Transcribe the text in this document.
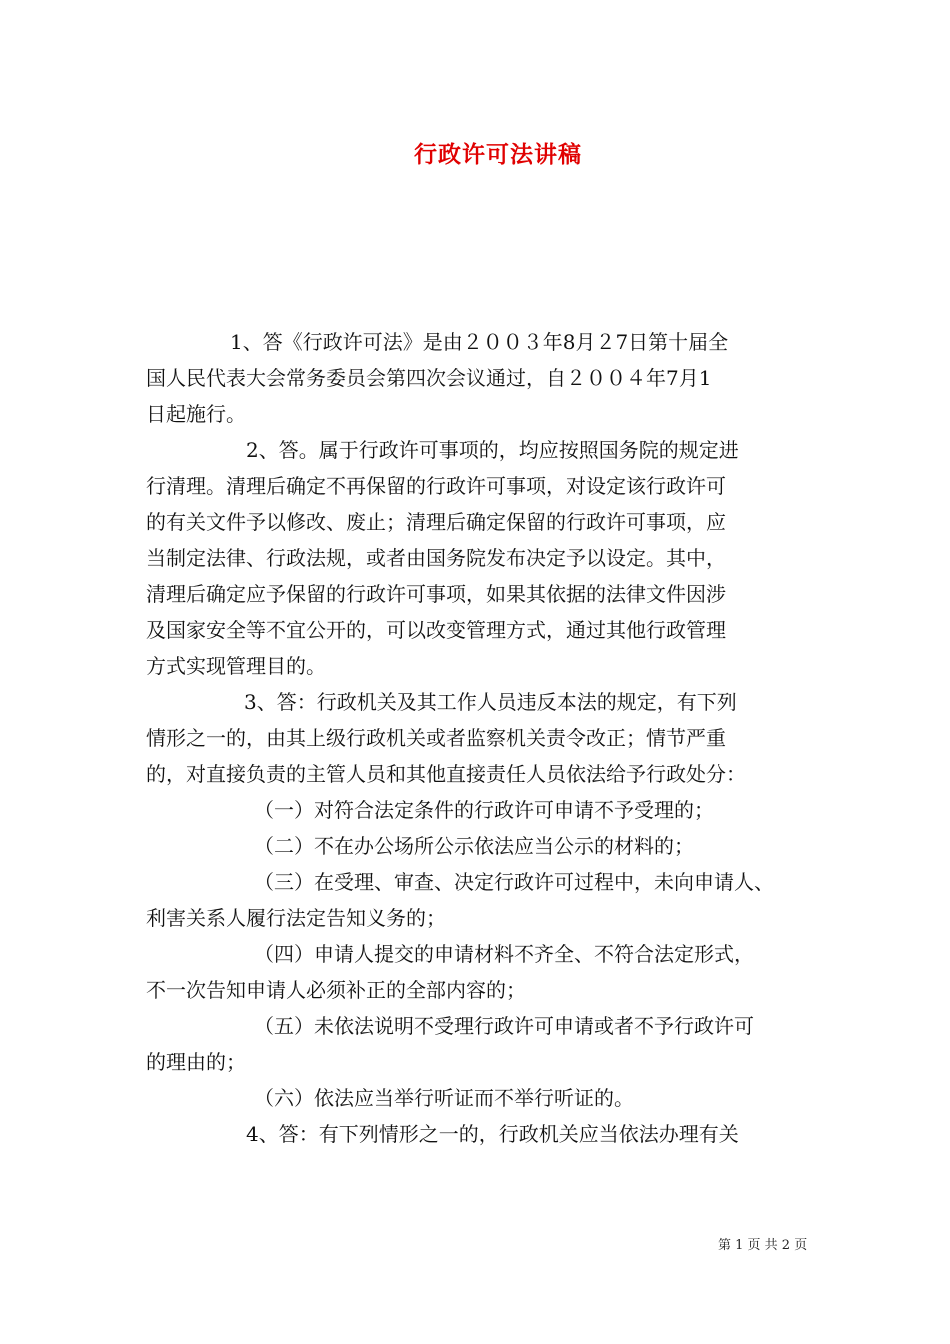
行政许可法讲稿
1、答《行政许可法》是由２００３年8月２7日第十届全
国人民代表大会常务委员会第四次会议通过，自２００４年7月1
日起施行。
2、答。属于行政许可事项的，均应按照国务院的规定进
行清理。清理后确定不再保留的行政许可事项，对设定该行政许可
的有关文件予以修改、废止；清理后确定保留的行政许可事项，应
当制定法律、行政法规，或者由国务院发布决定予以设定。其中，
清理后确定应予保留的行政许可事项，如果其依据的法律文件因涉
及国家安全等不宜公开的，可以改变管理方式，通过其他行政管理
方式实现管理目的。
3、答：行政机关及其工作人员违反本法的规定，有下列
情形之一的，由其上级行政机关或者监察机关责令改正；情节严重
的，对直接负责的主管人员和其他直接责任人员依法给予行政处分：
（一）对符合法定条件的行政许可申请不予受理的；
（二）不在办公场所公示依法应当公示的材料的；
（三）在受理、审查、决定行政许可过程中，未向申请人、
利害关系人履行法定告知义务的；
（四）申请人提交的申请材料不齐全、不符合法定形式，
不一次告知申请人必须补正的全部内容的；
（五）未依法说明不受理行政许可申请或者不予行政许可
的理由的；
（六）依法应当举行听证而不举行听证的。
4、答：有下列情形之一的，行政机关应当依法办理有关
第 1 页 共 2 页
